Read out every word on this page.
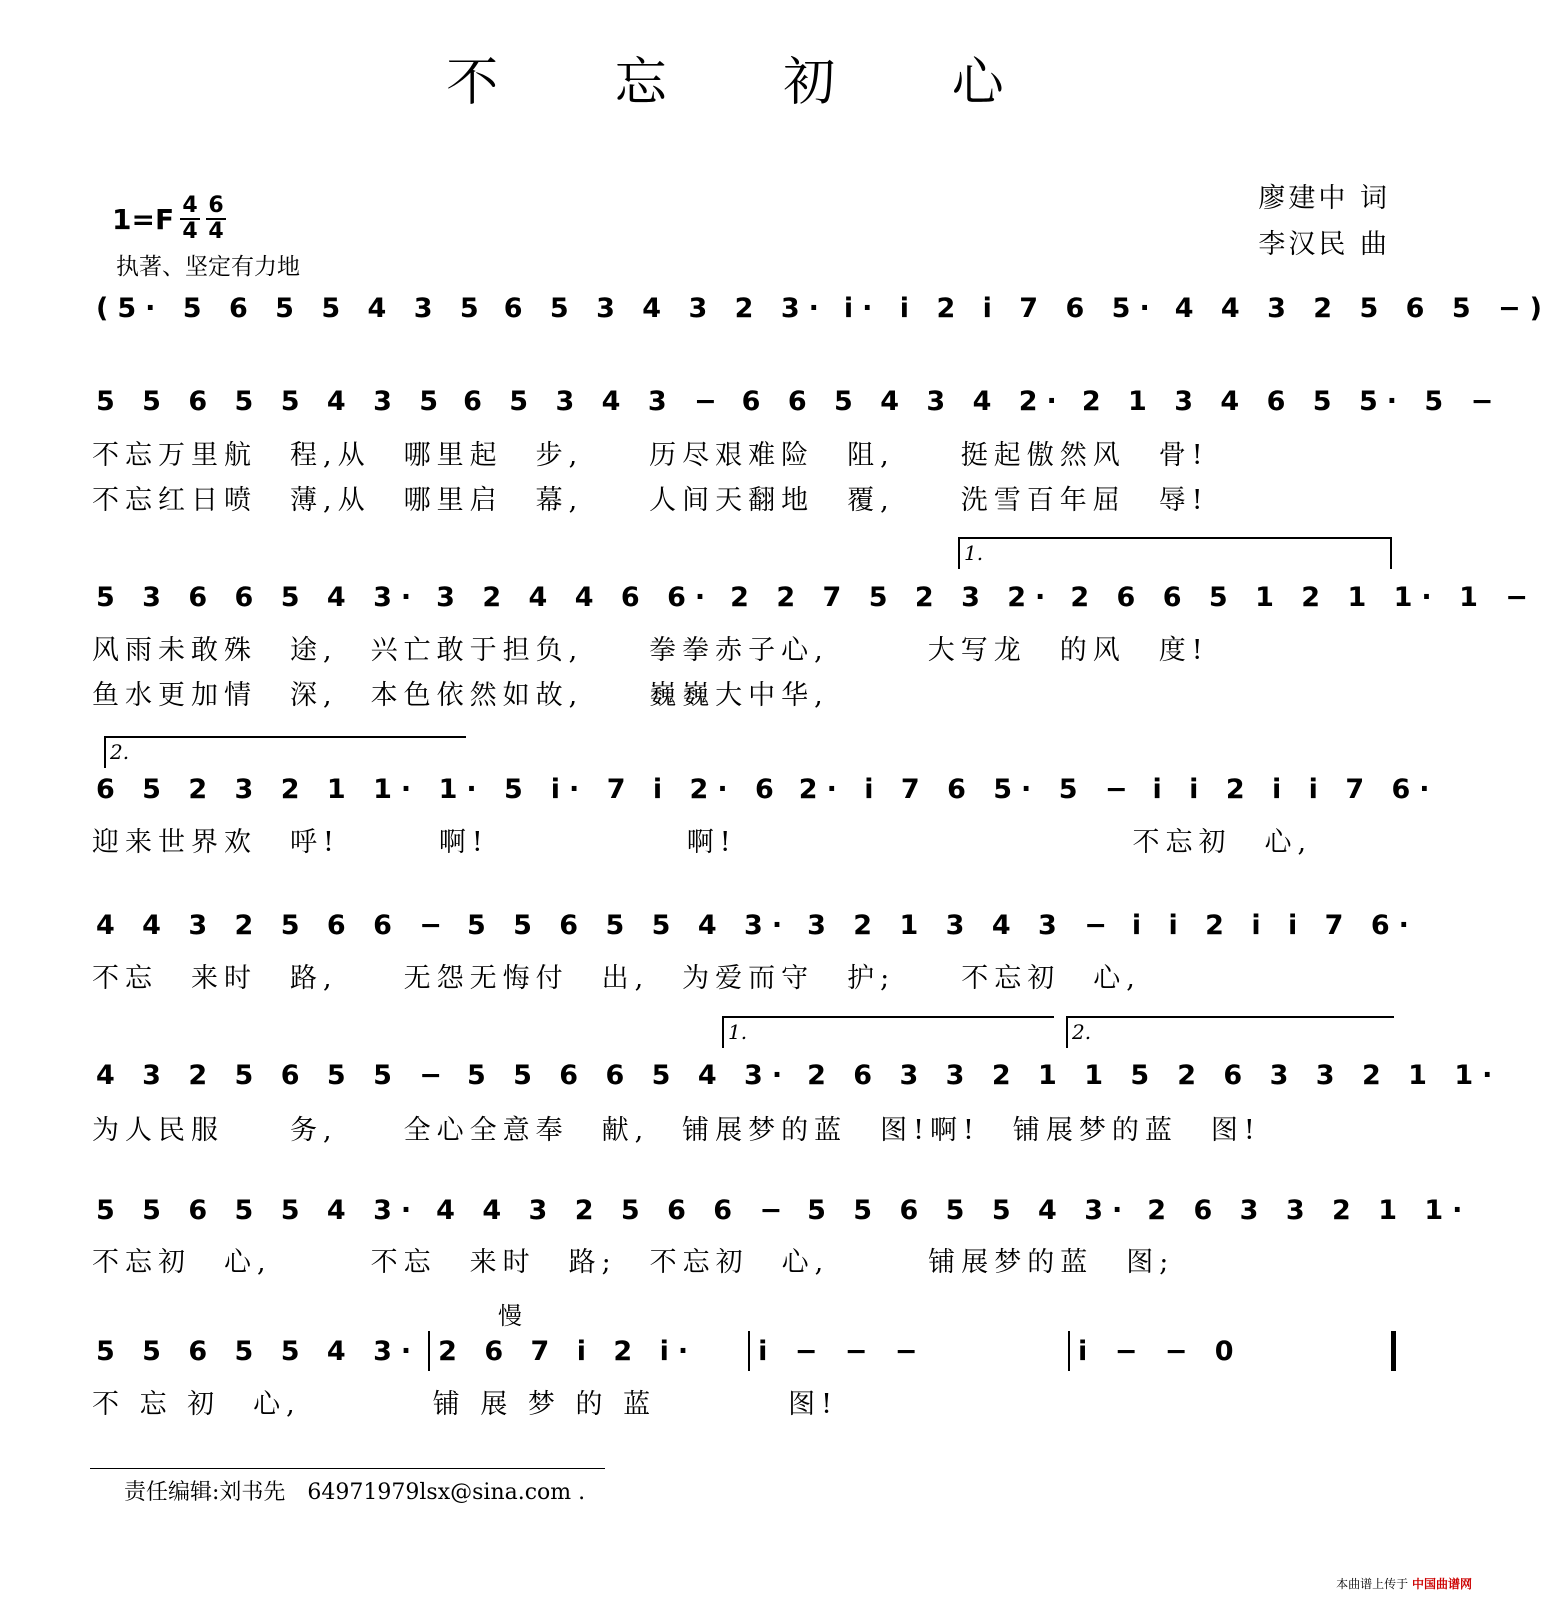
不 忘 初 心
$1=F \frac{4}{4} \frac{6}{4}$
执著、坚定有力地
廖建中 词
李汉民 曲
(5· 5 6 5 5 4 3 5 6 5 3 4 3 2 3· i· i 2 i 7 6 5· 4 4 3 2 5 6 5 −)
5 5 6 5 5 4 3 5 6 5 3 4 3 − 6 6 5 4 3 4 2· 2 1 3 4 6 5 5· 5 −
不忘万里航　程,从　哪里起　步,　　历尽艰难险　阻,　　挺起傲然风　骨!
不忘红日喷　薄,从　哪里启　幕,　　人间天翻地　覆,　　洗雪百年屈　辱!
1.
5 3 6 6 5 4 3· 3 2 4 4 6 6· 2 2 7 5 2 3 2· 2 6 6 5 1 2 1 1· 1 −
风雨未敢殊　途,　兴亡敢于担负,　　拳拳赤子心,　　　大写龙　的风　度!
鱼水更加情　深,　本色依然如故,　　巍巍大中华,
2.
6 5 2 3 2 1 1· 1· 5 i· 7 i 2· 6 2· i 7 6 5· 5 − i i 2 i i 7 6·
迎来世界欢　呼!　　　啊!　　　　　　啊!　　　　　　　　　　　　不忘初　心,
4 4 3 2 5 6 6 − 5 5 6 5 5 4 3· 3 2 1 3 4 3 − i i 2 i i 7 6·
不忘　来时　路,　　无怨无悔付　出,　为爱而守　护;　　不忘初　心,
1.	2.
4 3 2 5 6 5 5 − 5 5 6 6 5 4 3· 2 6 3 3 2 1 1 5 2 6 3 3 2 1 1·
为人民服　　务,　　全心全意奉　献,　铺展梦的蓝　图!啊!　铺展梦的蓝　图!
5 5 6 5 5 4 3· 4 4 3 2 5 6 6 − 5 5 6 5 5 4 3· 2 6 3 3 2 1 1·
不忘初　心,　　　不忘　来时　路;　不忘初　心,　　　铺展梦的蓝　图;
慢
5 5 6 5 5 4 3· 2 6 7 i 2 i·	i − − −	i − − 0
不 忘 初　心,　　　　铺 展 梦 的 蓝　　　　图!
责任编辑:刘书先　64971979lsx@sina.com .
本曲谱上传于 中国曲谱网
